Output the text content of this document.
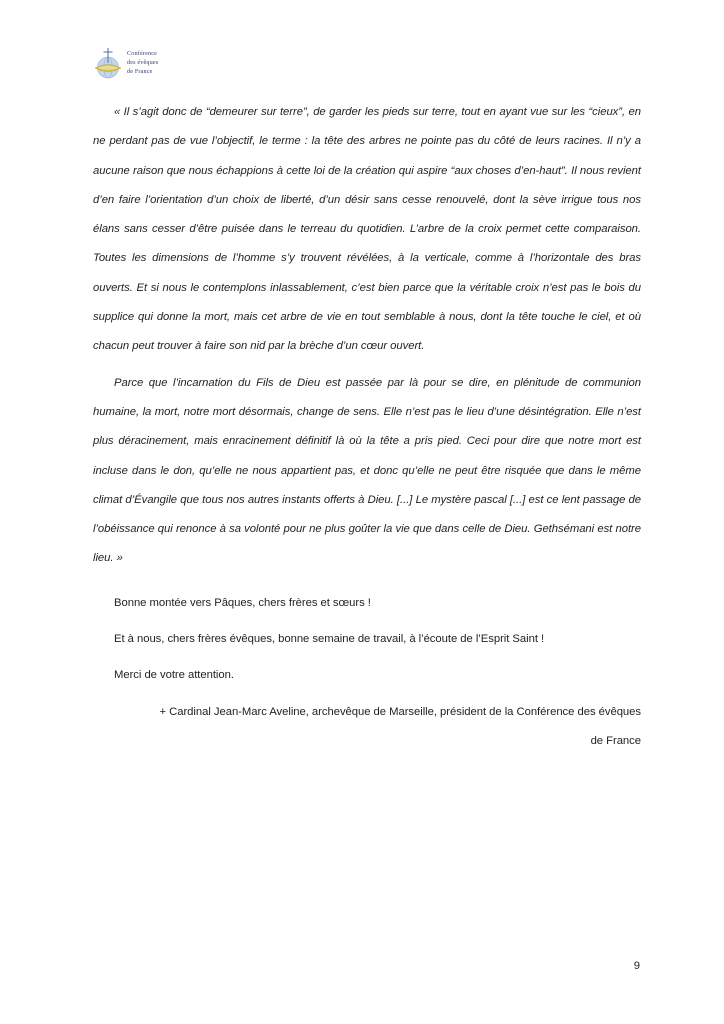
Conférence
des évêques
de France

« Il s’agit donc de “demeurer sur terre”, de garder les pieds sur terre, tout en ayant vue sur les “cieux”, en ne perdant pas de vue l’objectif, le terme : la tête des arbres ne pointe pas du côté de leurs racines. Il n’y a aucune raison que nous échappions à cette loi de la création qui aspire “aux choses d’en-haut”. Il nous revient d’en faire l’orientation d’un choix de liberté, d’un désir sans cesse renouvelé, dont la sève irrigue tous nos élans sans cesser d’être puisée dans le terreau du quotidien. L’arbre de la croix permet cette comparaison. Toutes les dimensions de l’homme s’y trouvent révélées, à la verticale, comme à l’horizontale des bras ouverts. Et si nous le contemplons inlassablement, c’est bien parce que la véritable croix n’est pas le bois du supplice qui donne la mort, mais cet arbre de vie en tout semblable à nous, dont la tête touche le ciel, et où chacun peut trouver à faire son nid par la brèche d’un cœur ouvert.

Parce que l’incarnation du Fils de Dieu est passée par là pour se dire, en plénitude de communion humaine, la mort, notre mort désormais, change de sens. Elle n’est pas le lieu d’une désintégration. Elle n’est plus déracinement, mais enracinement définitif là où la tête a pris pied. Ceci pour dire que notre mort est incluse dans le don, qu’elle ne nous appartient pas, et donc qu’elle ne peut être risquée que dans le même climat d’Évangile que tous nos autres instants offerts à Dieu. [...] Le mystère pascal [...] est ce lent passage de l’obéissance qui renonce à sa volonté pour ne plus goûter la vie que dans celle de Dieu. Gethsémani est notre lieu. »

Bonne montée vers Pâques, chers frères et sœurs !

Et à nous, chers frères évêques, bonne semaine de travail, à l’écoute de l’Esprit Saint !

Merci de votre attention.

+ Cardinal Jean-Marc Aveline, archevêque de Marseille, président de la Conférence des évêques de France

9
